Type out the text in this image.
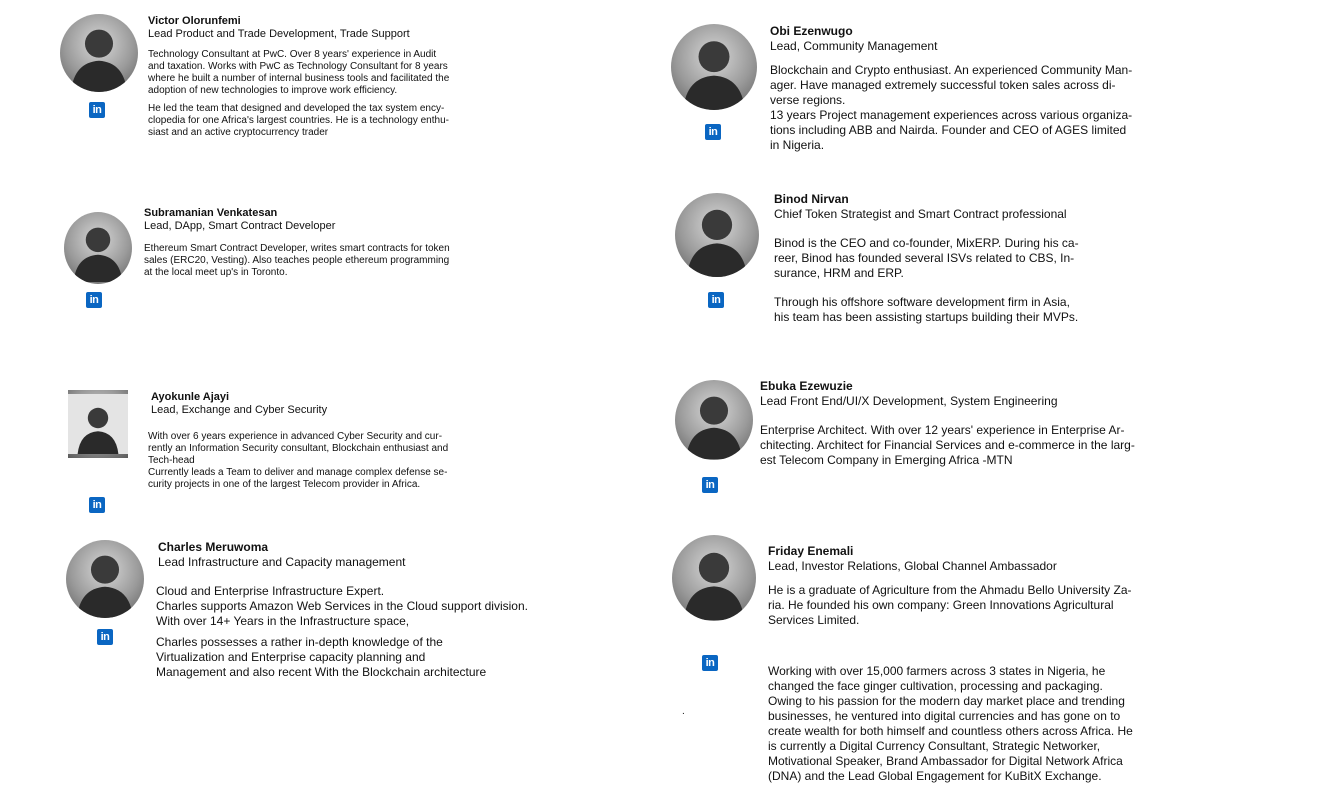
in
Victor Olorunfemi
Lead Product and Trade Development, Trade Support
Technology Consultant at PwC. Over 8 years' experience in Audit
and taxation. Works with PwC as Technology Consultant for 8 years
where he built a number of internal business tools and facilitated the
adoption of new technologies to improve work efficiency.
He led the team that designed and developed the tax system ency-
clopedia for one Africa's largest countries. He is a technology enthu-
siast and an active cryptocurrency trader
in
Subramanian Venkatesan
Lead, DApp, Smart Contract Developer
Ethereum Smart Contract Developer, writes smart contracts for token
sales (ERC20, Vesting). Also teaches people ethereum programming
at the local meet up's in Toronto.
in
Ayokunle Ajayi
Lead, Exchange and Cyber Security
With over 6 years experience in advanced Cyber Security and cur-
rently an Information Security consultant, Blockchain enthusiast and
Tech-head
Currently leads a Team to deliver and manage complex defense se-
curity projects in one of the largest Telecom provider in Africa.
in
Charles Meruwoma
Lead Infrastructure and Capacity management
Cloud and Enterprise Infrastructure Expert.
Charles supports Amazon Web Services in the Cloud support division.
With over 14+ Years in the Infrastructure space,
Charles possesses a rather in-depth knowledge of the
Virtualization and Enterprise capacity planning and
Management and also recent With the Blockchain architecture
in
Obi Ezenwugo
Lead, Community Management
Blockchain and Crypto enthusiast. An experienced Community Man-
ager. Have managed extremely successful token sales across di-
verse regions.
13 years Project management experiences across various organiza-
tions including ABB and Nairda. Founder and CEO of AGES limited
in Nigeria.
in
Binod Nirvan
Chief Token Strategist and Smart Contract professional
Binod is the CEO and co-founder, MixERP. During his ca-
reer, Binod has founded several ISVs related to CBS, In-
surance, HRM and ERP.
Through his offshore software development firm in Asia,
his team has been assisting startups building their MVPs.
in
Ebuka Ezewuzie
Lead Front End/UI/X Development, System Engineering
Enterprise Architect. With over 12 years' experience in Enterprise Ar-
chitecting. Architect for Financial Services and e-commerce in the larg-
est Telecom Company in Emerging Africa -MTN
in
Friday Enemali
Lead, Investor Relations, Global Channel Ambassador
He is a graduate of Agriculture from the Ahmadu Bello University Za-
ria. He founded his own company: Green Innovations Agricultural
Services Limited.
Working with over 15,000 farmers across 3 states in Nigeria, he
changed the face ginger cultivation, processing and packaging.
Owing to his passion for the modern day market place and trending
businesses, he ventured into digital currencies and has gone on to
create wealth for both himself and countless others across Africa. He
is currently a Digital Currency Consultant, Strategic Networker,
Motivational Speaker, Brand Ambassador for Digital Network Africa
(DNA) and the Lead Global Engagement for KuBitX Exchange.
.
